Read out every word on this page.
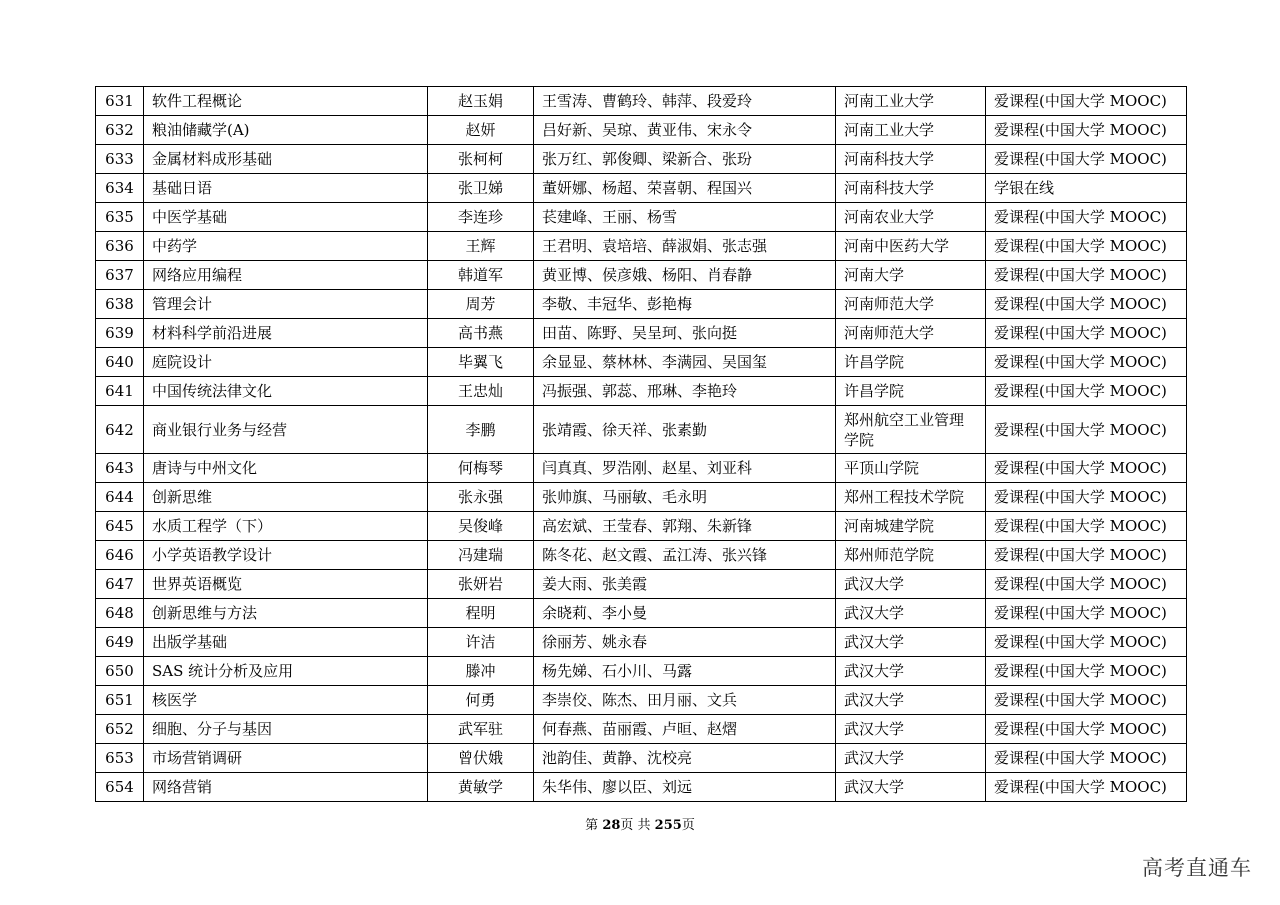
631	软件工程概论	赵玉娟	王雪涛、曹鹤玲、韩萍、段爱玲	河南工业大学	爱课程(中国大学 MOOC)
632	粮油储藏学(A)	赵妍	吕好新、吴琼、黄亚伟、宋永令	河南工业大学	爱课程(中国大学 MOOC)
633	金属材料成形基础	张柯柯	张万红、郭俊卿、梁新合、张玢	河南科技大学	爱课程(中国大学 MOOC)
634	基础日语	张卫娣	董妍娜、杨超、荣喜朝、程国兴	河南科技大学	学银在线
635	中医学基础	李连珍	苌建峰、王丽、杨雪	河南农业大学	爱课程(中国大学 MOOC)
636	中药学	王辉	王君明、袁培培、薛淑娟、张志强	河南中医药大学	爱课程(中国大学 MOOC)
637	网络应用编程	韩道军	黄亚博、侯彦娥、杨阳、肖春静	河南大学	爱课程(中国大学 MOOC)
638	管理会计	周芳	李敬、丰冠华、彭艳梅	河南师范大学	爱课程(中国大学 MOOC)
639	材料科学前沿进展	高书燕	田苗、陈野、吴呈珂、张向挺	河南师范大学	爱课程(中国大学 MOOC)
640	庭院设计	毕翼飞	余显显、蔡林林、李满园、吴国玺	许昌学院	爱课程(中国大学 MOOC)
641	中国传统法律文化	王忠灿	冯振强、郭蕊、邢琳、李艳玲	许昌学院	爱课程(中国大学 MOOC)
642	商业银行业务与经营	李鹏	张靖霞、徐天祥、张素勤	郑州航空工业管理学院	爱课程(中国大学 MOOC)
643	唐诗与中州文化	何梅琴	闫真真、罗浩刚、赵星、刘亚科	平顶山学院	爱课程(中国大学 MOOC)
644	创新思维	张永强	张帅旗、马丽敏、毛永明	郑州工程技术学院	爱课程(中国大学 MOOC)
645	水质工程学（下）	吴俊峰	高宏斌、王莹春、郭翔、朱新锋	河南城建学院	爱课程(中国大学 MOOC)
646	小学英语教学设计	冯建瑞	陈冬花、赵文霞、孟江涛、张兴锋	郑州师范学院	爱课程(中国大学 MOOC)
647	世界英语概览	张妍岩	姜大雨、张美霞	武汉大学	爱课程(中国大学 MOOC)
648	创新思维与方法	程明	余晓莉、李小曼	武汉大学	爱课程(中国大学 MOOC)
649	出版学基础	许洁	徐丽芳、姚永春	武汉大学	爱课程(中国大学 MOOC)
650	SAS 统计分析及应用	滕冲	杨先娣、石小川、马露	武汉大学	爱课程(中国大学 MOOC)
651	核医学	何勇	李崇佼、陈杰、田月丽、文兵	武汉大学	爱课程(中国大学 MOOC)
652	细胞、分子与基因	武军驻	何春燕、苗丽霞、卢晅、赵熠	武汉大学	爱课程(中国大学 MOOC)
653	市场营销调研	曾伏娥	池韵佳、黄静、沈校亮	武汉大学	爱课程(中国大学 MOOC)
654	网络营销	黄敏学	朱华伟、廖以臣、刘远	武汉大学	爱课程(中国大学 MOOC)
第 28页 共 255页
高考直通车
